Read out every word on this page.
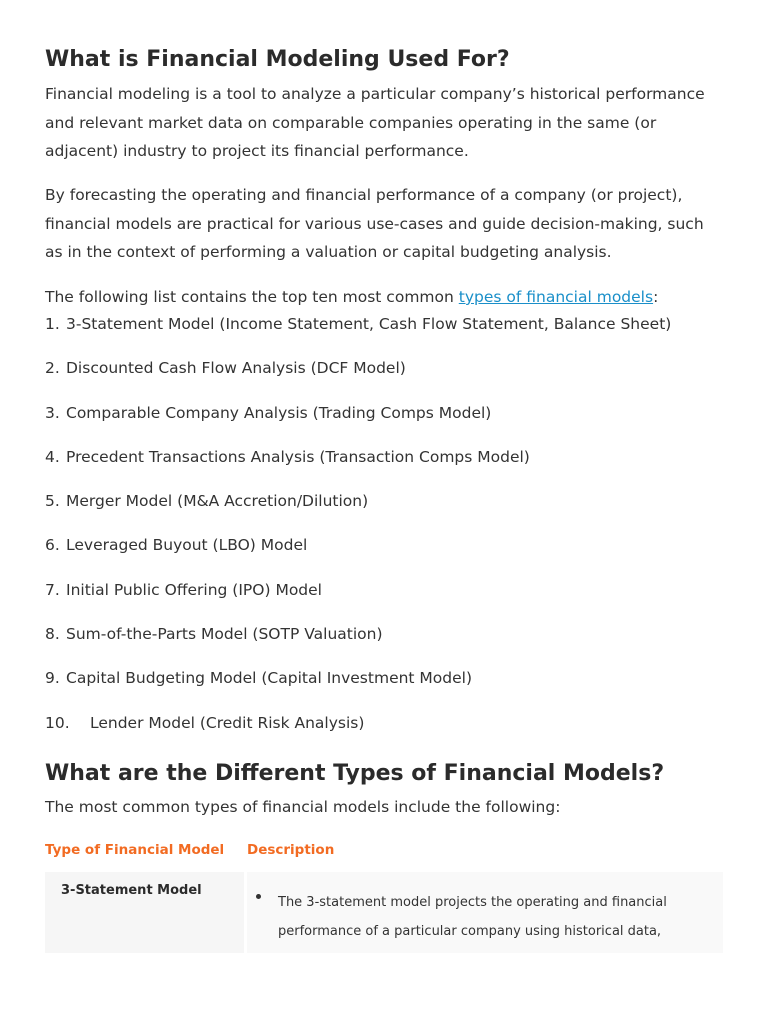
What is Financial Modeling Used For?

Financial modeling is a tool to analyze a particular company’s historical performance and relevant market data on comparable companies operating in the same (or adjacent) industry to project its financial performance.

By forecasting the operating and financial performance of a company (or project), financial models are practical for various use-cases and guide decision-making, such as in the context of performing a valuation or capital budgeting analysis.

The following list contains the top ten most common types of financial models:

1. 3-Statement Model (Income Statement, Cash Flow Statement, Balance Sheet)
2. Discounted Cash Flow Analysis (DCF Model)
3. Comparable Company Analysis (Trading Comps Model)
4. Precedent Transactions Analysis (Transaction Comps Model)
5. Merger Model (M&A Accretion/Dilution)
6. Leveraged Buyout (LBO) Model
7. Initial Public Offering (IPO) Model
8. Sum-of-the-Parts Model (SOTP Valuation)
9. Capital Budgeting Model (Capital Investment Model)
10. Lender Model (Credit Risk Analysis)
What are the Different Types of Financial Models?

The most common types of financial models include the following:

Type of Financial Model Description
3-Statement Model
The 3-statement model projects the operating and financial performance of a particular company using historical data,
